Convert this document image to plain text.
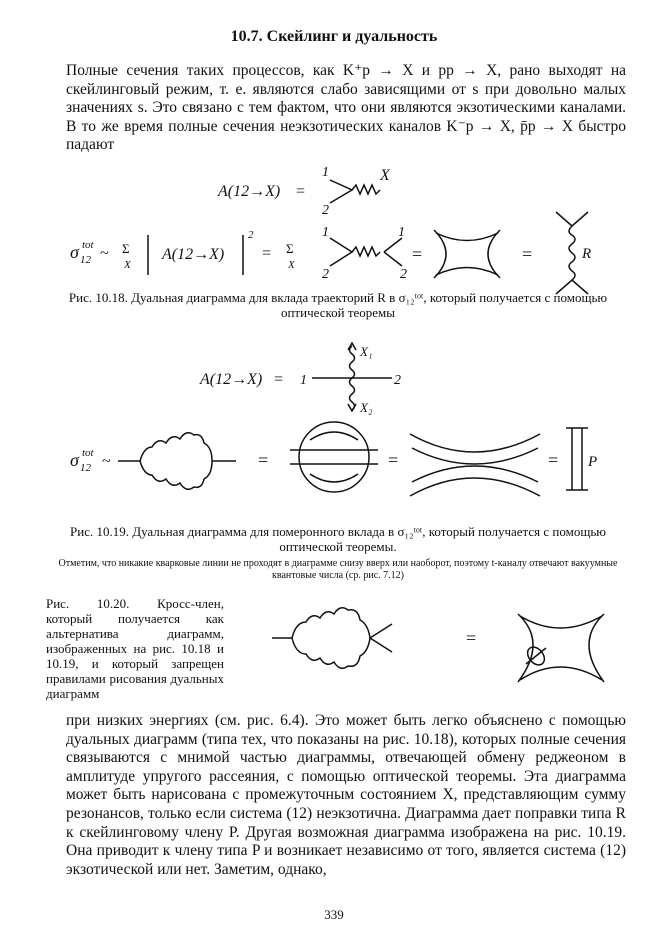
10.7. Скейлинг и дуальность
Полные сечения таких процессов, как K⁺p → X и pp → X, рано выходят на скейлинговый режим, т. е. являются слабо зависящими от s при довольно малых значениях s. Это связано с тем фактом, что они являются экзотическими каналами. В то же время полные сечения неэкзотических каналов K⁻p → X, p̄p → X быстро падают
A(12→X) =
1
2
X
σ tot
12 ~ Σ
X
A(12→X)
2
= Σ
X
1
2
1
2
=	=	R
A(12→X) = 1	2
X₁
X₂
σ tot
12 ~	=	=	= P
=
Рис. 10.18. Дуальная диаграмма для вклада траекторий R в σ₁₂ᵗᵒᵗ, который получается с помощью оптической теоремы
Рис. 10.19. Дуальная диаграмма для померонного вклада в σ₁₂ᵗᵒᵗ, который получается с помощью оптической теоремы.
Отметим, что никакие кварковые линии не проходят в диаграмме снизу вверх или наоборот, поэтому t-каналу отвечают вакуумные квантовые числа (ср. рис. 7.12)
Рис. 10.20. Кросс-член, который получается как альтернатива диаграмм, изображенных на рис. 10.18 и 10.19, и который запрещен правилами рисования дуальных диаграмм
при низких энергиях (см. рис. 6.4). Это может быть легко объяснено с помощью дуальных диаграмм (типа тех, что показаны на рис. 10.18), которых полные сечения связываются с мнимой частью диаграммы, отвечающей обмену реджеоном в амплитуде упругого рассеяния, с помощью оптической теоремы. Эта диаграмма может быть нарисована с промежуточным состоянием X, представляющим сумму резонансов, только если система (12) неэкзотична. Диаграмма дает поправки типа R к скейлинговому члену P. Другая возможная диаграмма изображена на рис. 10.19. Она приводит к члену типа P и возникает независимо от того, является система (12) экзотической или нет. Заметим, однако,
339
